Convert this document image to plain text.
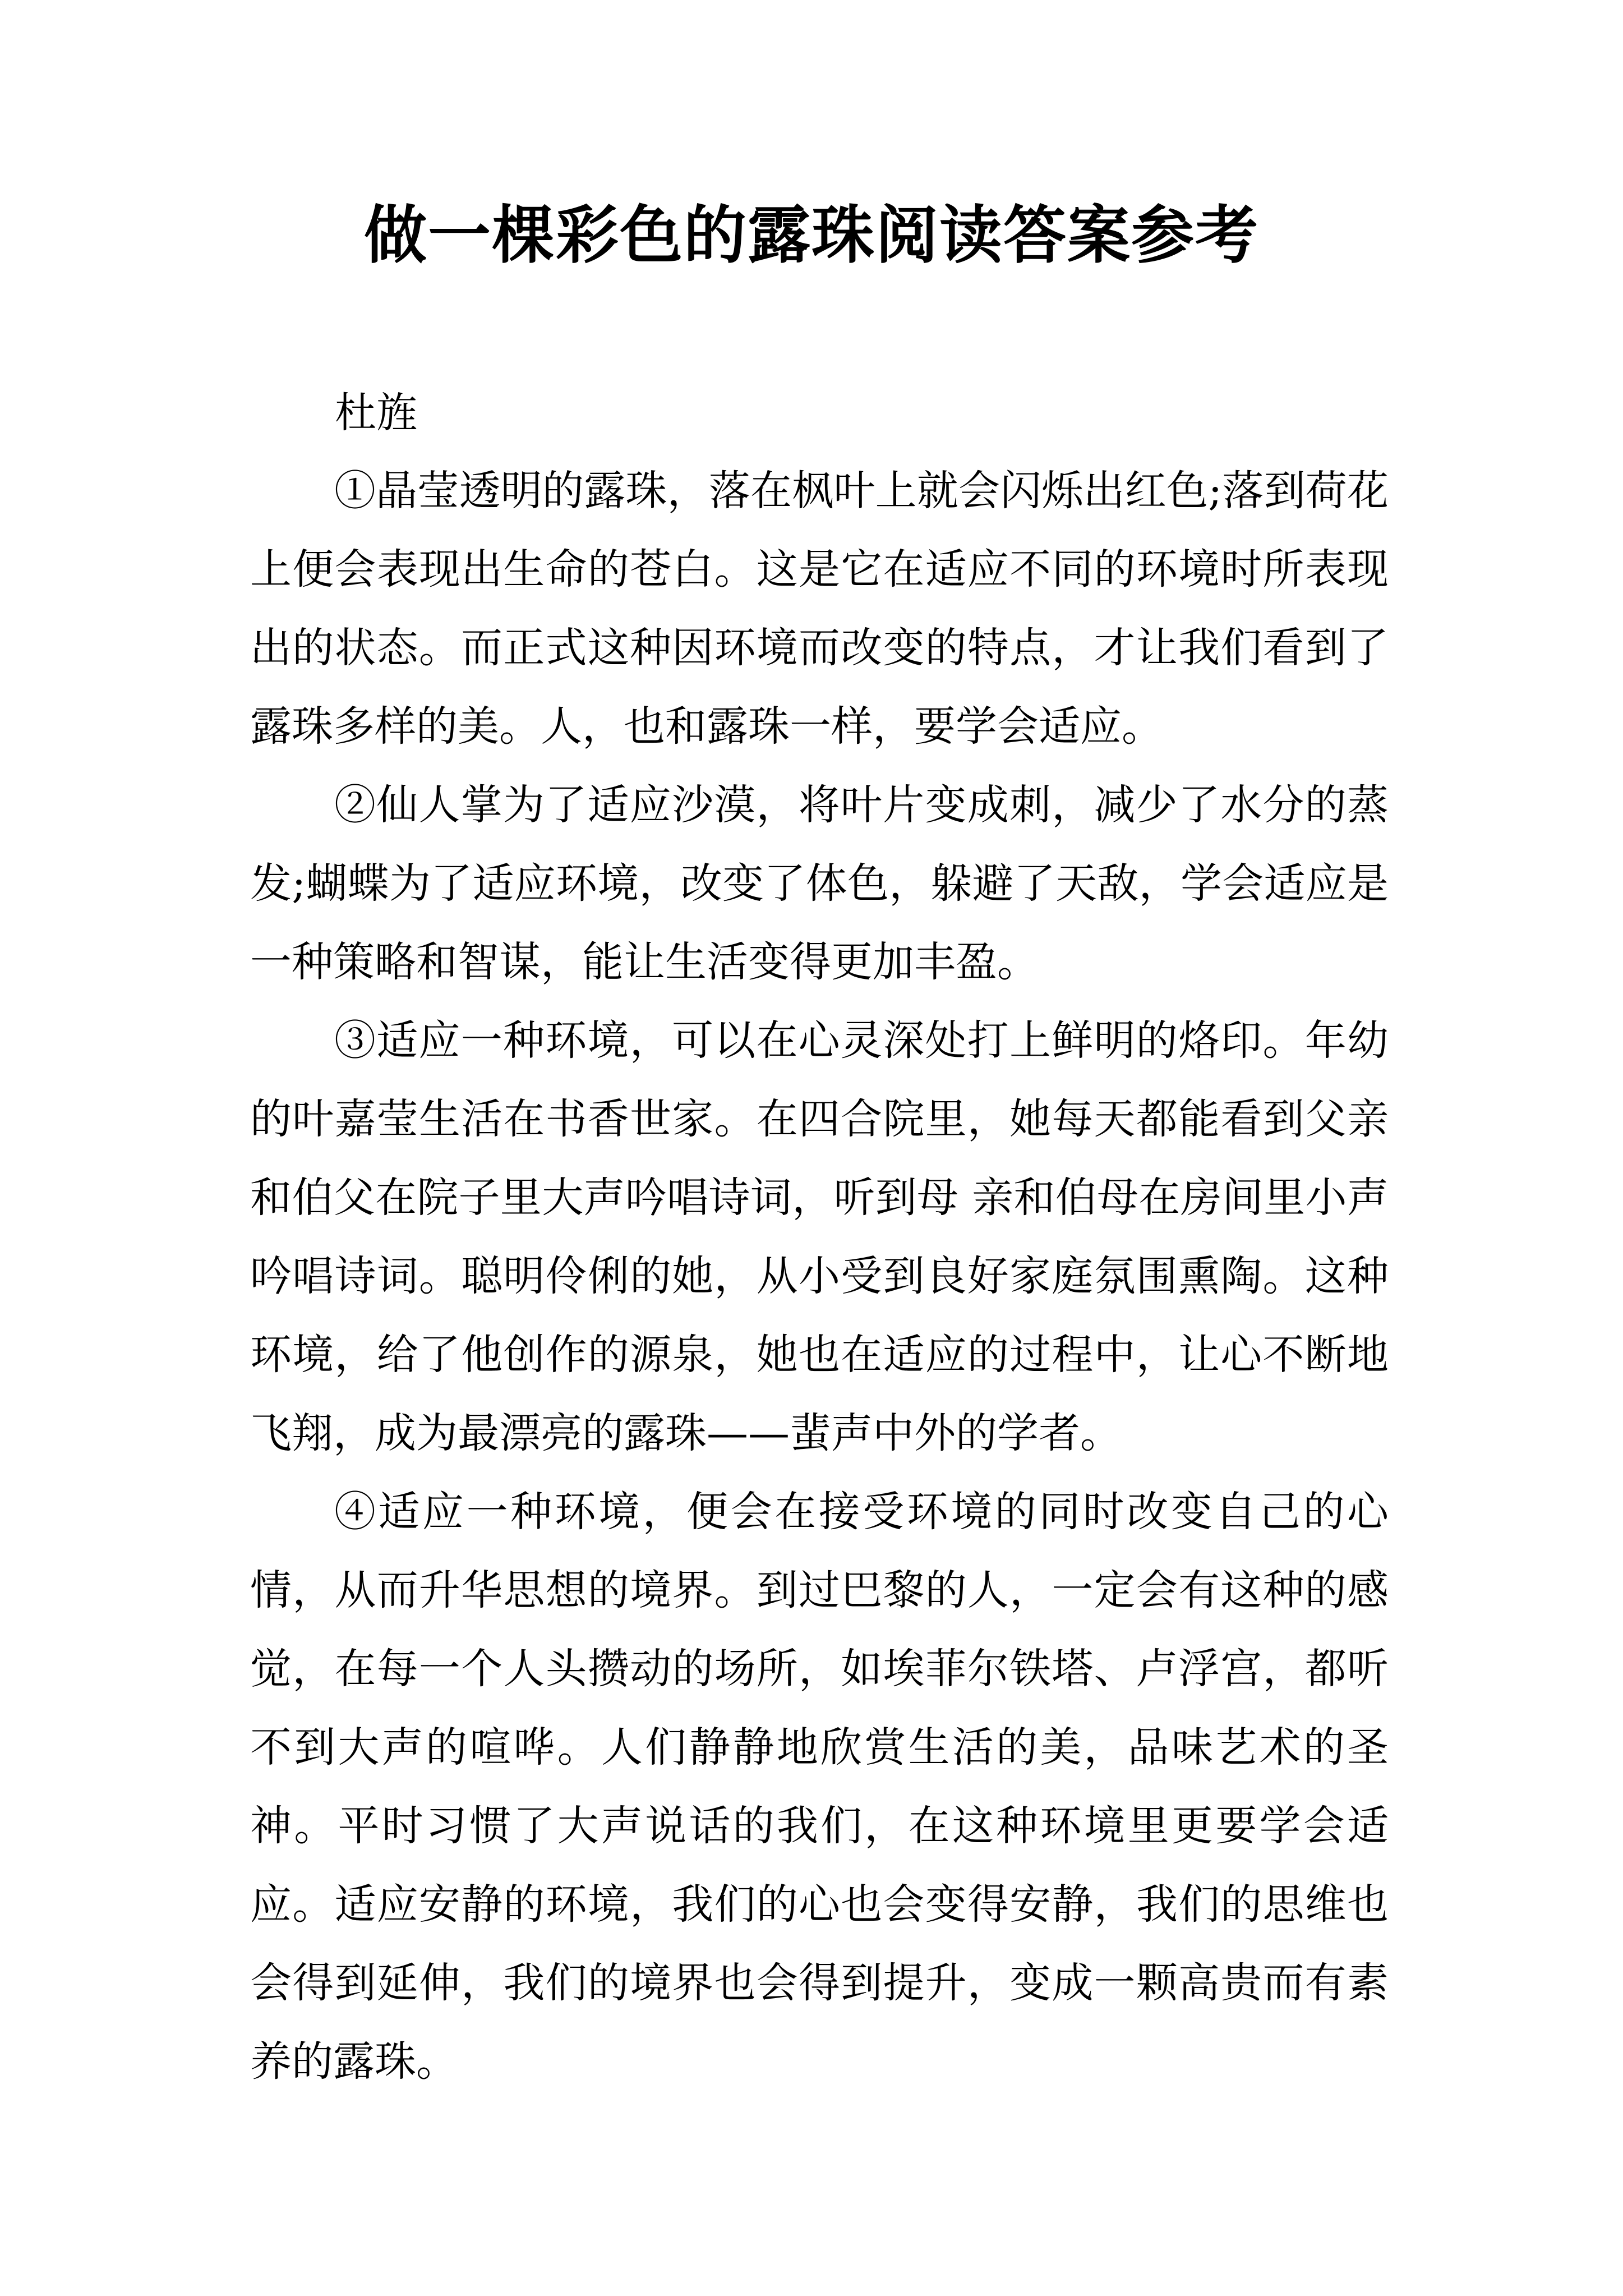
做一棵彩色的露珠阅读答案参考

杜旌

①晶莹透明的露珠，落在枫叶上就会闪烁出红色;落到荷花上便会表现出生命的苍白。这是它在适应不同的环境时所表现出的状态。而正式这种因环境而改变的特点，才让我们看到了露珠多样的美。人，也和露珠一样，要学会适应。

②仙人掌为了适应沙漠，将叶片变成刺，减少了水分的蒸发;蝴蝶为了适应环境，改变了体色，躲避了天敌，学会适应是一种策略和智谋，能让生活变得更加丰盈。

③适应一种环境，可以在心灵深处打上鲜明的烙印。年幼的叶嘉莹生活在书香世家。在四合院里，她每天都能看到父亲和伯父在院子里大声吟唱诗词，听到母 亲和伯母在房间里小声吟唱诗词。聪明伶俐的她，从小受到良好家庭氛围熏陶。这种环境，给了他创作的源泉，她也在适应的过程中，让心不断地飞翔，成为最漂亮的露珠——蜚声中外的学者。

④适应一种环境，便会在接受环境的同时改变自己的心情，从而升华思想的境界。到过巴黎的人，一定会有这种的感觉，在每一个人头攒动的场所，如埃菲尔铁塔、卢浮宫，都听不到大声的喧哗。人们静静地欣赏生活的美，品味艺术的圣神。平时习惯了大声说话的我们，在这种环境里更要学会适应。适应安静的环境，我们的心也会变得安静，我们的思维也会得到延伸，我们的境界也会得到提升，变成一颗高贵而有素养的露珠。
